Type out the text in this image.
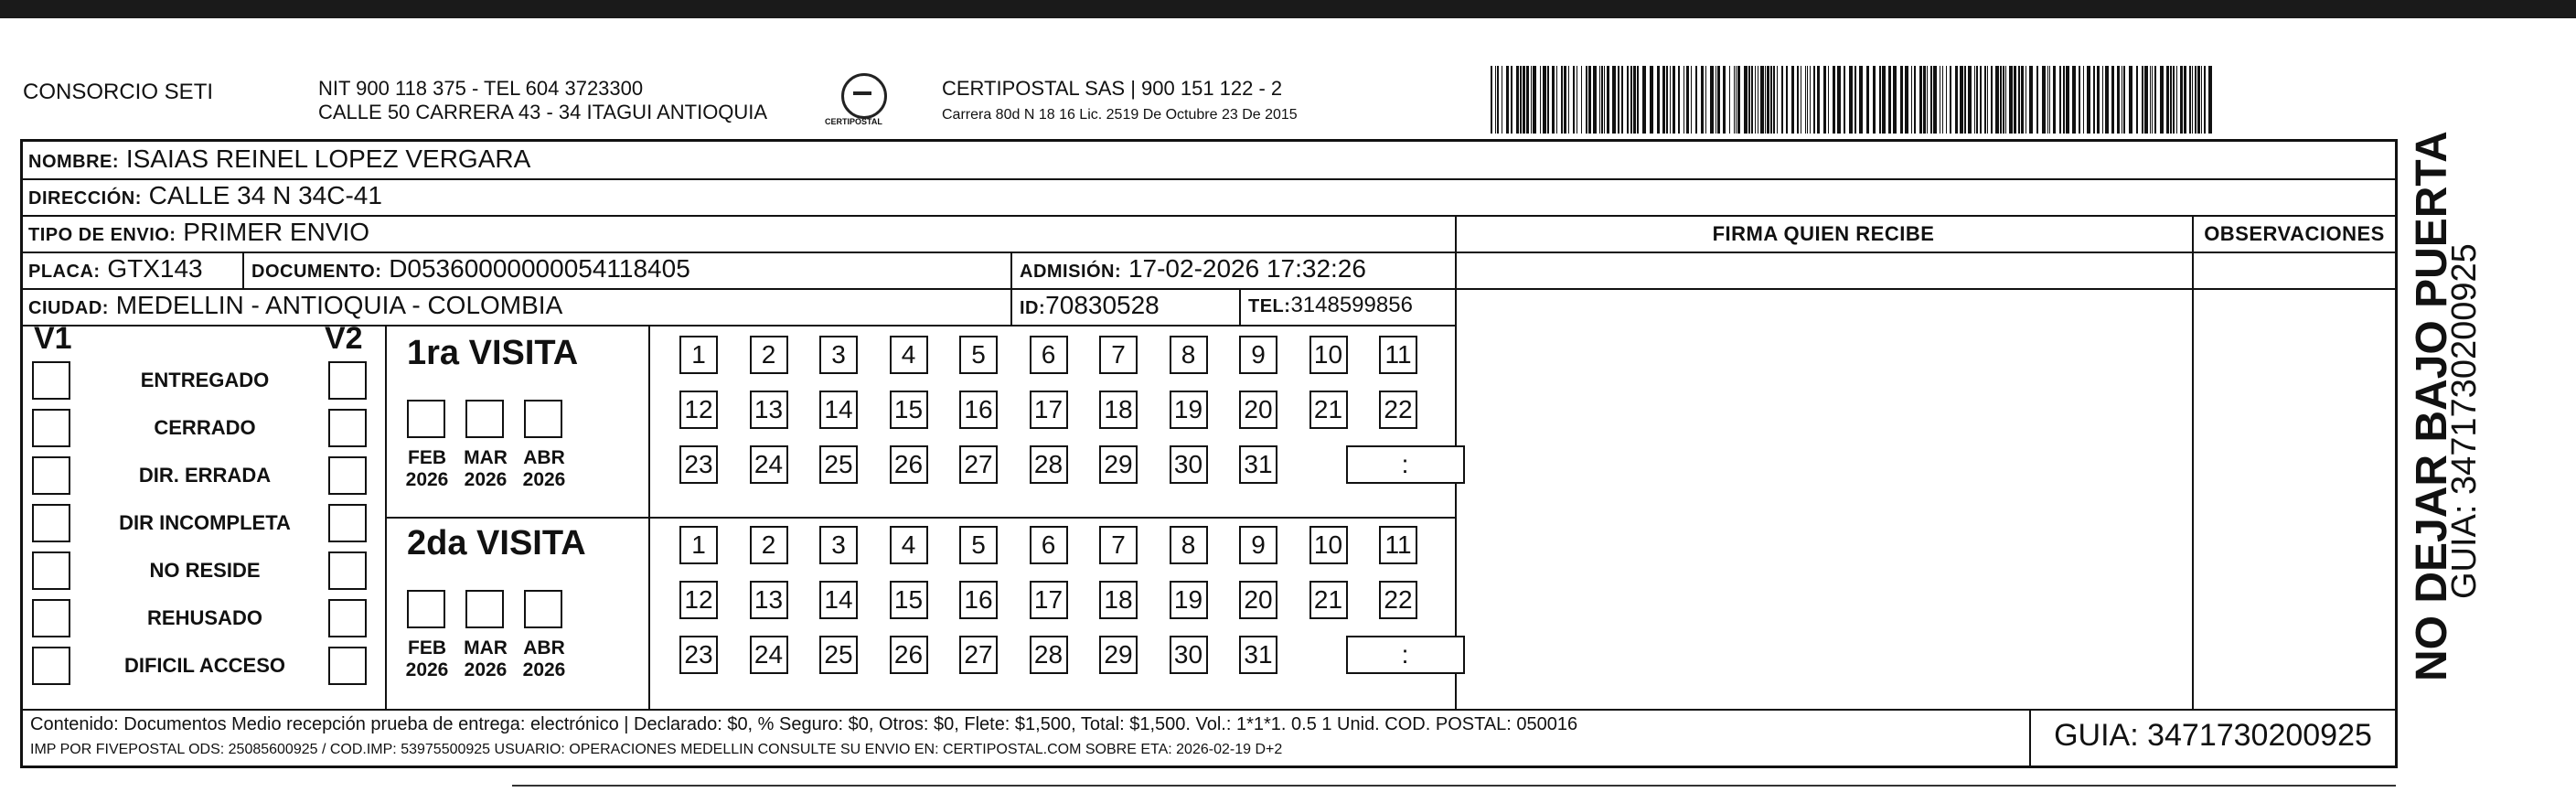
CONSORCIO SETI	NIT 900 118 375 - TEL 604 3723300
CALLE 50 CARRERA 43 - 34 ITAGUI ANTIOQUIA	CERTIPOSTAL
CERTIPOSTAL SAS | 900 151 122 - 2
Carrera 80d N 18 16 Lic. 2519 De Octubre 23 De 2015
NOMBRE: ISAIAS REINEL LOPEZ VERGARA
DIRECCIÓN: CALLE 34 N 34C-41
TIPO DE ENVIO: PRIMER ENVIO
PLACA: GTX143	DOCUMENTO: D05360000000054118405	ADMISIÓN: 17-02-2026 17:32:26
CIUDAD: MEDELLIN - ANTIOQUIA - COLOMBIA	ID:70830528	TEL:3148599856
FIRMA QUIEN RECIBE	OBSERVACIONES
V1	V2
ENTREGADO
CERRADO
DIR. ERRADA
DIR INCOMPLETA
NO RESIDE
REHUSADO
DIFICIL ACCESO
1ra VISITA
2da VISITA
FEB
2026
MAR
2026
ABR
2026
1	2	3	4	5	6	7	8	9	10 11
12 13 14 15 16 17 18 19 20 21 22
23 24 25 26 27 28 29 30 31	:
FEB
2026
MAR
2026
ABR
2026
1	2	3	4	5	6	7	8	9	10 11
12 13 14 15 16 17 18 19 20 21 22
23 24 25 26 27 28 29 30 31	:
Contenido: Documentos Medio recepción prueba de entrega: electrónico | Declarado: $0, % Seguro: $0, Otros: $0, Flete: $1,500, Total: $1,500. Vol.: 1*1*1. 0.5 1 Unid. COD. POSTAL: 050016
IMP POR FIVEPOSTAL ODS: 25085600925 / COD.IMP: 53975500925 USUARIO: OPERACIONES MEDELLIN CONSULTE SU ENVIO EN: CERTIPOSTAL.COM SOBRE ETA: 2026-02-19 D+2	GUIA: 3471730200925
NO DEJAR BAJO PUERTA
GUIA: 3471730200925
